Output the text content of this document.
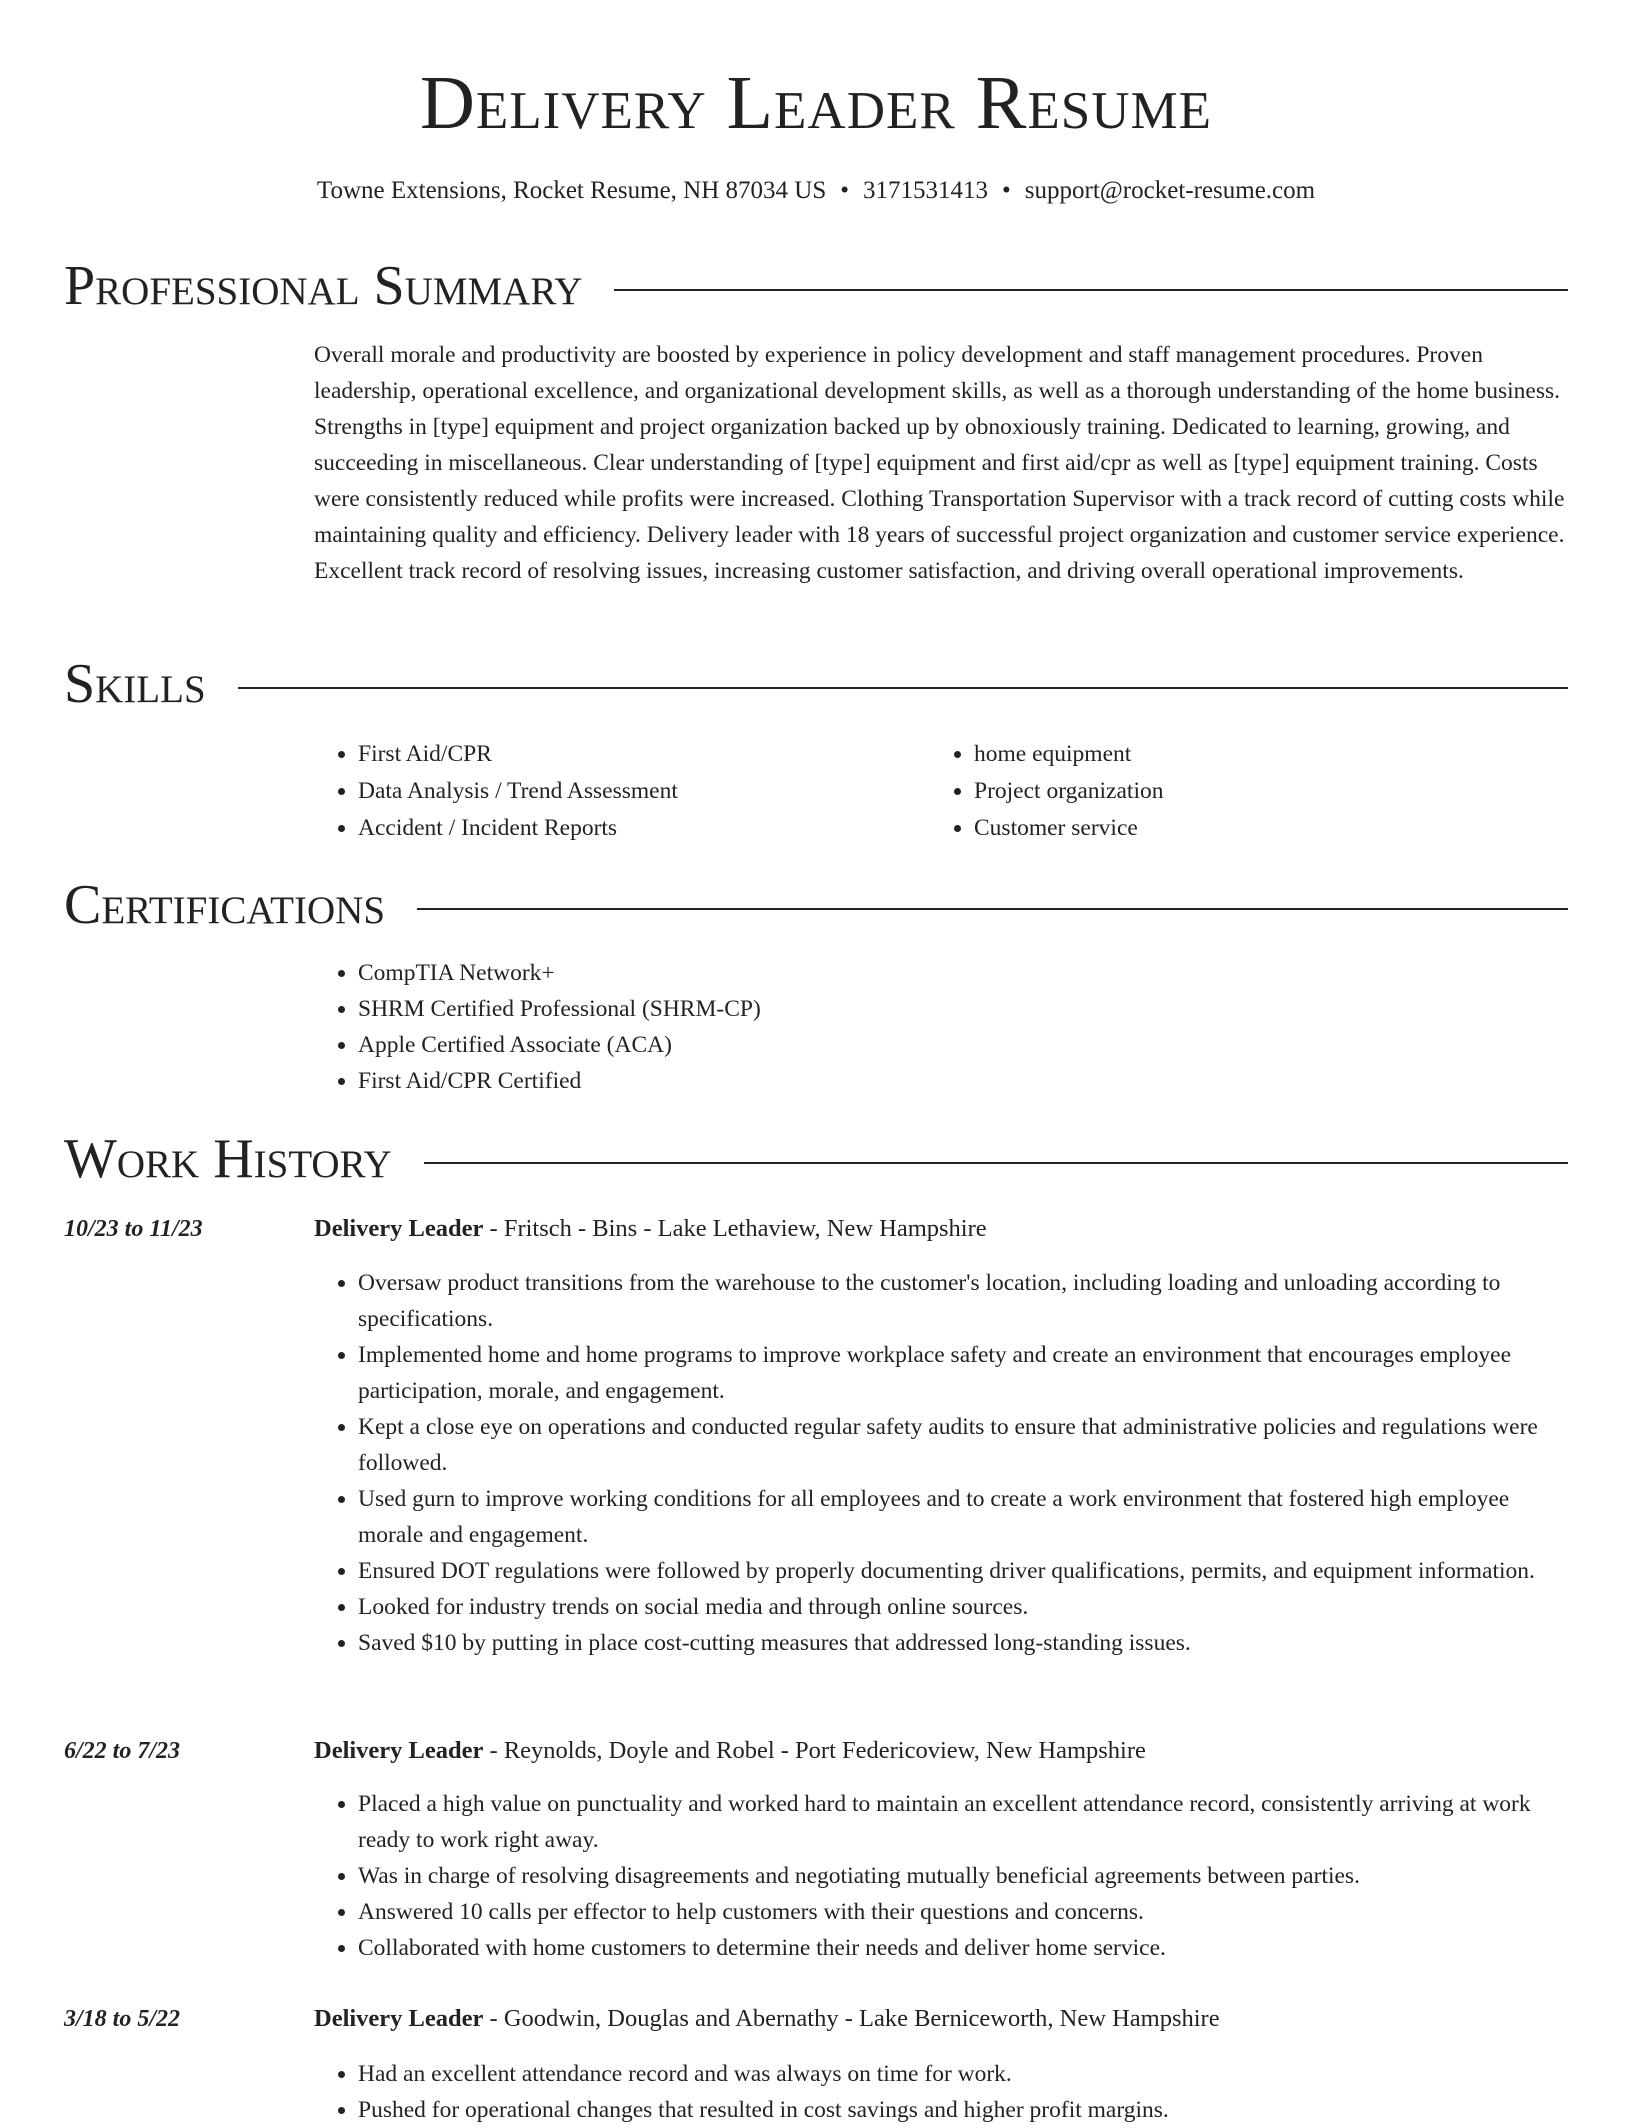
Delivery Leader Resume
Towne Extensions, Rocket Resume, NH 87034 US • 3171531413 • support@rocket-resume.com
Professional Summary

Overall morale and productivity are boosted by experience in policy development and staff management procedures. Proven leadership, operational excellence, and organizational development skills, as well as a thorough understanding of the home business. Strengths in [type] equipment and project organization backed up by obnoxiously training. Dedicated to learning, growing, and succeeding in miscellaneous. Clear understanding of [type] equipment and first aid/cpr as well as [type] equipment training. Costs were consistently reduced while profits were increased. Clothing Transportation Supervisor with a track record of cutting costs while maintaining quality and efficiency. Delivery leader with 18 years of successful project organization and customer service experience. Excellent track record of resolving issues, increasing customer satisfaction, and driving overall operational improvements.

Skills
• First Aid/CPR
• Data Analysis / Trend Assessment
• Accident / Incident Reports
• home equipment
• Project organization
• Customer service
Certifications
• CompTIA Network+
• SHRM Certified Professional (SHRM-CP)
• Apple Certified Associate (ACA)
• First Aid/CPR Certified
Work History
10/23 to 11/23	Delivery Leader - Fritsch - Bins - Lake Lethaview, New Hampshire
• Oversaw product transitions from the warehouse to the customer's location, including loading and unloading according to specifications.
• Implemented home and home programs to improve workplace safety and create an environment that encourages employee participation, morale, and engagement.
• Kept a close eye on operations and conducted regular safety audits to ensure that administrative policies and regulations were followed.
• Used gurn to improve working conditions for all employees and to create a work environment that fostered high employee morale and engagement.
• Ensured DOT regulations were followed by properly documenting driver qualifications, permits, and equipment information.
• Looked for industry trends on social media and through online sources.
• Saved $10 by putting in place cost-cutting measures that addressed long-standing issues.
6/22 to 7/23	Delivery Leader - Reynolds, Doyle and Robel - Port Federicoview, New Hampshire
• Placed a high value on punctuality and worked hard to maintain an excellent attendance record, consistently arriving at work ready to work right away.
• Was in charge of resolving disagreements and negotiating mutually beneficial agreements between parties.
• Answered 10 calls per effector to help customers with their questions and concerns.
• Collaborated with home customers to determine their needs and deliver home service.
3/18 to 5/22	Delivery Leader - Goodwin, Douglas and Abernathy - Lake Berniceworth, New Hampshire
• Had an excellent attendance record and was always on time for work.
• Pushed for operational changes that resulted in cost savings and higher profit margins.
